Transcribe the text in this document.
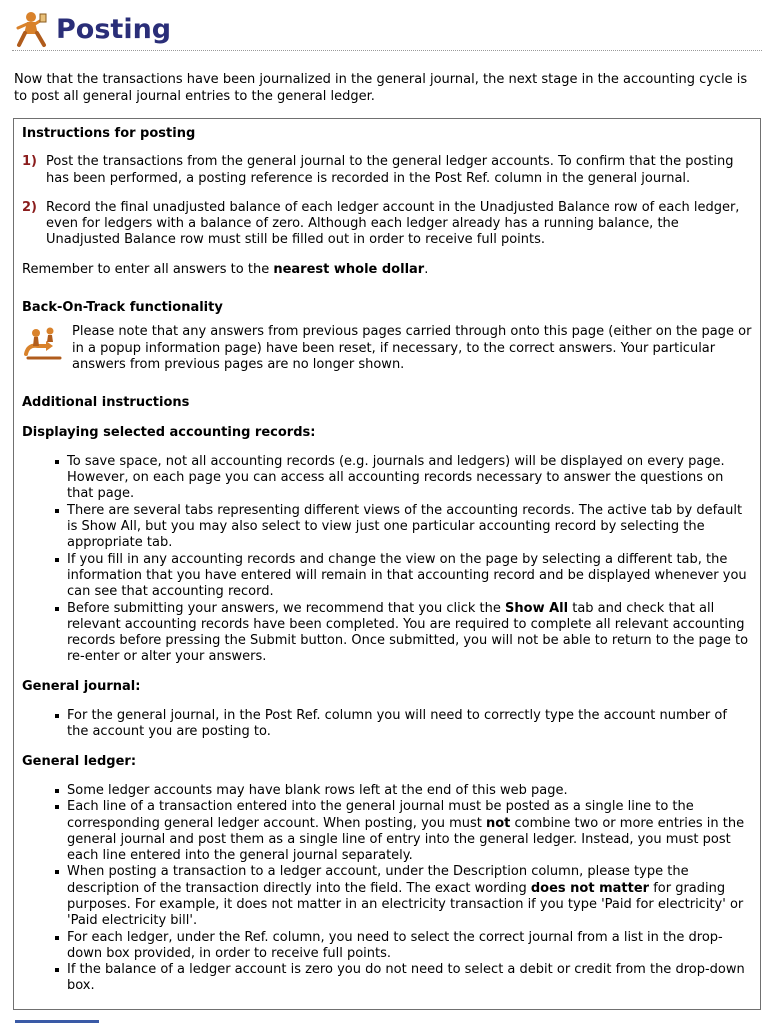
Posting
Now that the transactions have been journalized in the general journal, the next stage in the accounting cycle is to post all general journal entries to the general ledger.

Instructions for posting

1) Post the transactions from the general journal to the general ledger accounts. To confirm that the posting has been performed, a posting reference is recorded in the Post Ref. column in the general journal.
2) Record the final unadjusted balance of each ledger account in the Unadjusted Balance row of each ledger, even for ledgers with a balance of zero. Although each ledger already has a running balance, the Unadjusted Balance row must still be filled out in order to receive full points.

Remember to enter all answers to the nearest whole dollar.

Back-On-Track functionality

Please note that any answers from previous pages carried through onto this page (either on the page or in a popup information page) have been reset, if necessary, to the correct answers. Your particular answers from previous pages are no longer shown.

Additional instructions

Displaying selected accounting records:

To save space, not all accounting records (e.g. journals and ledgers) will be displayed on every page. However, on each page you can access all accounting records necessary to answer the questions on that page.
There are several tabs representing different views of the accounting records. The active tab by default is Show All, but you may also select to view just one particular accounting record by selecting the appropriate tab.
If you fill in any accounting records and change the view on the page by selecting a different tab, the information that you have entered will remain in that accounting record and be displayed whenever you can see that accounting record.
Before submitting your answers, we recommend that you click the Show All tab and check that all relevant accounting records have been completed. You are required to complete all relevant accounting records before pressing the Submit button. Once submitted, you will not be able to return to the page to re-enter or alter your answers.

General journal:

For the general journal, in the Post Ref. column you will need to correctly type the account number of the account you are posting to.

General ledger:

Some ledger accounts may have blank rows left at the end of this web page.
Each line of a transaction entered into the general journal must be posted as a single line to the corresponding general ledger account. When posting, you must not combine two or more entries in the general journal and post them as a single line of entry into the general ledger. Instead, you must post each line entered into the general journal separately.
When posting a transaction to a ledger account, under the Description column, please type the description of the transaction directly into the field. The exact wording does not matter for grading purposes. For example, it does not matter in an electricity transaction if you type 'Paid for electricity' or 'Paid electricity bill'.
For each ledger, under the Ref. column, you need to select the correct journal from a list in the drop-down box provided, in order to receive full points.
If the balance of a ledger account is zero you do not need to select a debit or credit from the drop-down box.
